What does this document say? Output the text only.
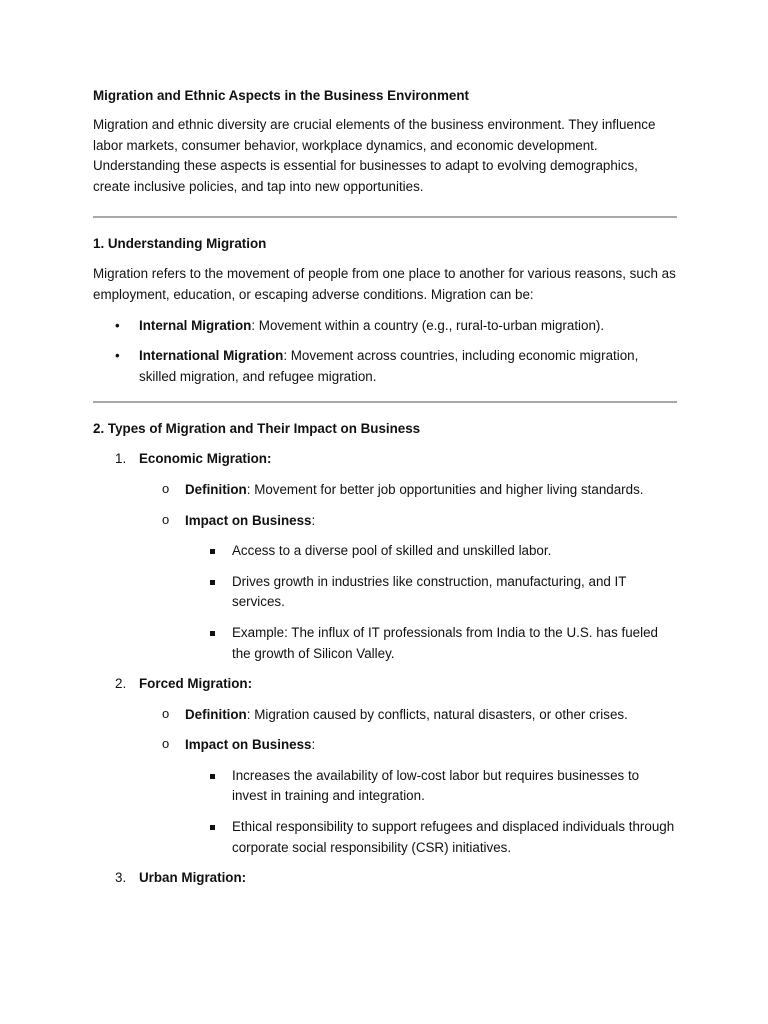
Migration and Ethnic Aspects in the Business Environment

Migration and ethnic diversity are crucial elements of the business environment. They influence labor markets, consumer behavior, workplace dynamics, and economic development. Understanding these aspects is essential for businesses to adapt to evolving demographics, create inclusive policies, and tap into new opportunities.

1. Understanding Migration

Migration refers to the movement of people from one place to another for various reasons, such as employment, education, or escaping adverse conditions. Migration can be:

• Internal Migration: Movement within a country (e.g., rural-to-urban migration).
• International Migration: Movement across countries, including economic migration, skilled migration, and refugee migration.
2. Types of Migration and Their Impact on Business
1. Economic Migration:
o Definition: Movement for better job opportunities and higher living standards.
o Impact on Business:
Access to a diverse pool of skilled and unskilled labor.
Drives growth in industries like construction, manufacturing, and IT services.
Example: The influx of IT professionals from India to the U.S. has fueled the growth of Silicon Valley.
2. Forced Migration:
o Definition: Migration caused by conflicts, natural disasters, or other crises.
o Impact on Business:
Increases the availability of low-cost labor but requires businesses to invest in training and integration.
Ethical responsibility to support refugees and displaced individuals through corporate social responsibility (CSR) initiatives.
3. Urban Migration:
